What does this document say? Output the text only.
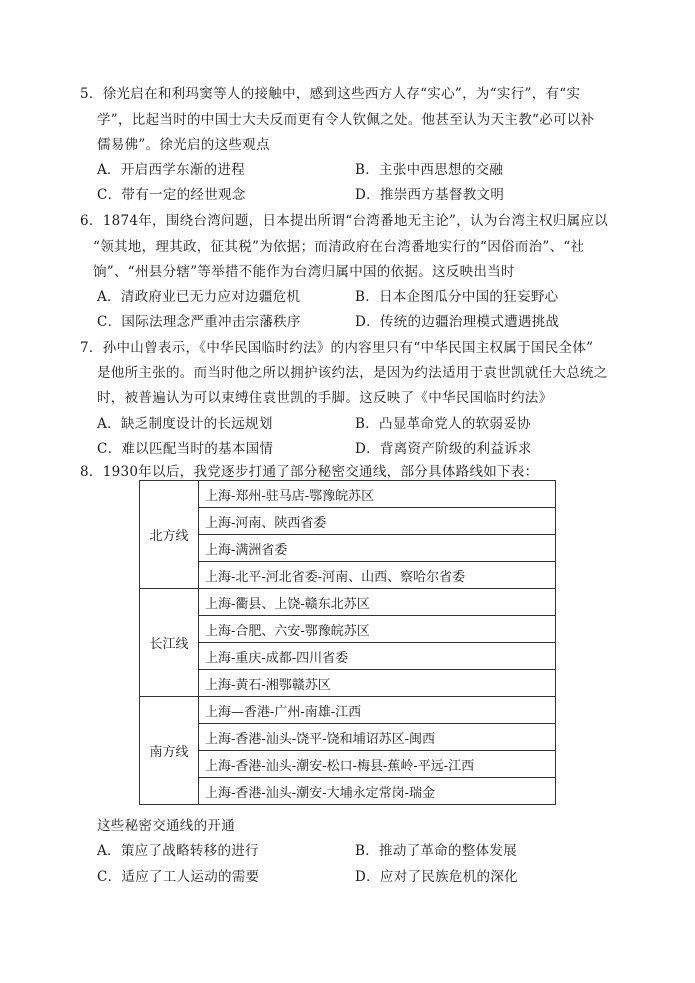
5．徐光启在和利玛窦等人的接触中，感到这些西方人存“实心”，为“实行”，有“实
学”，比起当时的中国士大夫反而更有令人钦佩之处。他甚至认为天主教“必可以补
儒易佛”。徐光启的这些观点
A．开启西学东渐的进程	B．主张中西思想的交融
C．带有一定的经世观念	D．推崇西方基督教文明
6．1874年，围绕台湾问题，日本提出所谓“台湾番地无主论”，认为台湾主权归属应以
“领其地，理其政，征其税”为依据；而清政府在台湾番地实行的“因俗而治”、“社
饷”、“州县分辖”等举措不能作为台湾归属中国的依据。这反映出当时
A．清政府业已无力应对边疆危机	B．日本企图瓜分中国的狂妄野心
C．国际法理念严重冲击宗藩秩序	D．传统的边疆治理模式遭遇挑战
7．孙中山曾表示，《中华民国临时约法》的内容里只有“中华民国主权属于国民全体”
是他所主张的。而当时他之所以拥护该约法，是因为约法适用于袁世凯就任大总统之
时，被普遍认为可以束缚住袁世凯的手脚。这反映了《中华民国临时约法》
A．缺乏制度设计的长远规划	B．凸显革命党人的软弱妥协
C．难以匹配当时的基本国情	D．背离资产阶级的利益诉求
8．1930年以后，我党逐步打通了部分秘密交通线，部分具体路线如下表：
北方线	上海-郑州-驻马店-鄂豫皖苏区
	上海-河南、陕西省委
	上海-满洲省委
	上海-北平-河北省委-河南、山西、察哈尔省委
长江线	上海-衢县、上饶-赣东北苏区
	上海-合肥、六安-鄂豫皖苏区
	上海-重庆-成都-四川省委
	上海-黄石-湘鄂赣苏区
南方线	上海—香港-广州-南雄-江西
	上海-香港-汕头-饶平-饶和埔诏苏区-闽西
	上海-香港-汕头-潮安-松口-梅县-蕉岭-平远-江西
	上海-香港-汕头-潮安-大埔永定常岗-瑞金
这些秘密交通线的开通
A．策应了战略转移的进行	B．推动了革命的整体发展
C．适应了工人运动的需要	D．应对了民族危机的深化
